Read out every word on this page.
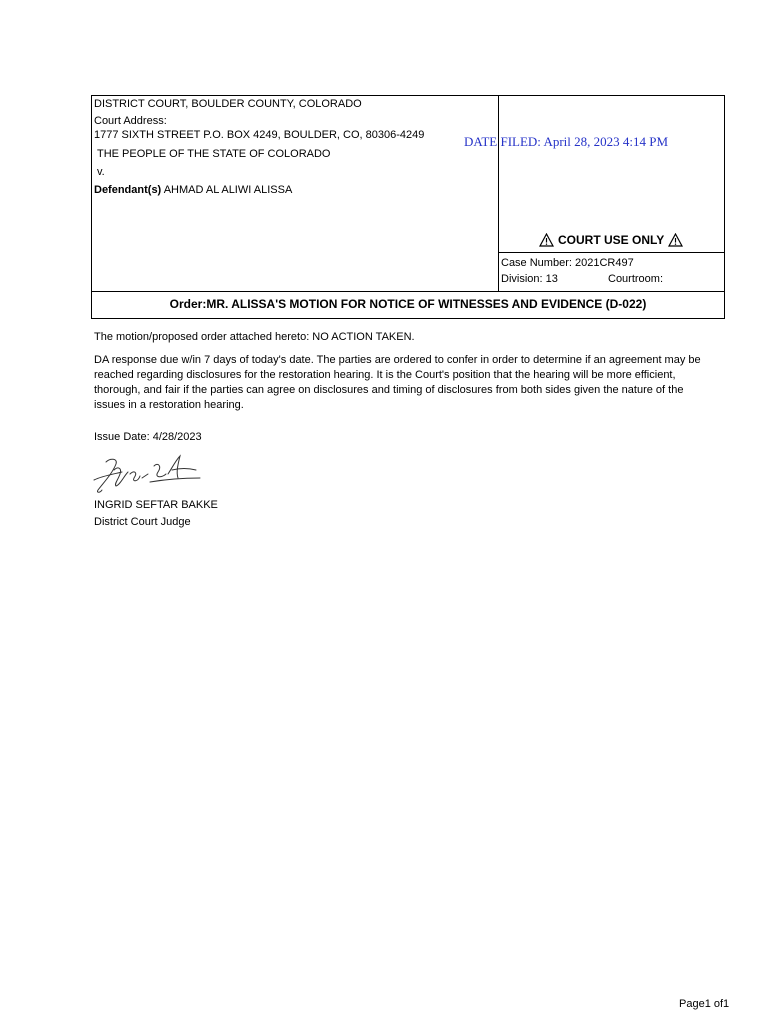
DISTRICT COURT, BOULDER COUNTY, COLORADO
Court Address:
1777 SIXTH STREET P.O. BOX 4249, BOULDER, CO, 80306-4249
THE PEOPLE OF THE STATE OF COLORADO
v.
Defendant(s) AHMAD AL ALIWI ALISSA
COURT USE ONLY
Case Number: 2021CR497
Division: 13	Courtroom:
Order:MR. ALISSA'S MOTION FOR NOTICE OF WITNESSES AND EVIDENCE (D-022)
DATE FILED: April 28, 2023 4:14 PM
The motion/proposed order attached hereto: NO ACTION TAKEN.
DA response due w/in 7 days of today's date. The parties are ordered to confer in order to determine if an agreement may be
reached regarding disclosures for the restoration hearing. It is the Court's position that the hearing will be more efficient,
thorough, and fair if the parties can agree on disclosures and timing of disclosures from both sides given the nature of the
issues in a restoration hearing.
Issue Date: 4/28/2023
INGRID SEFTAR BAKKE
District Court Judge
Page1 of1
